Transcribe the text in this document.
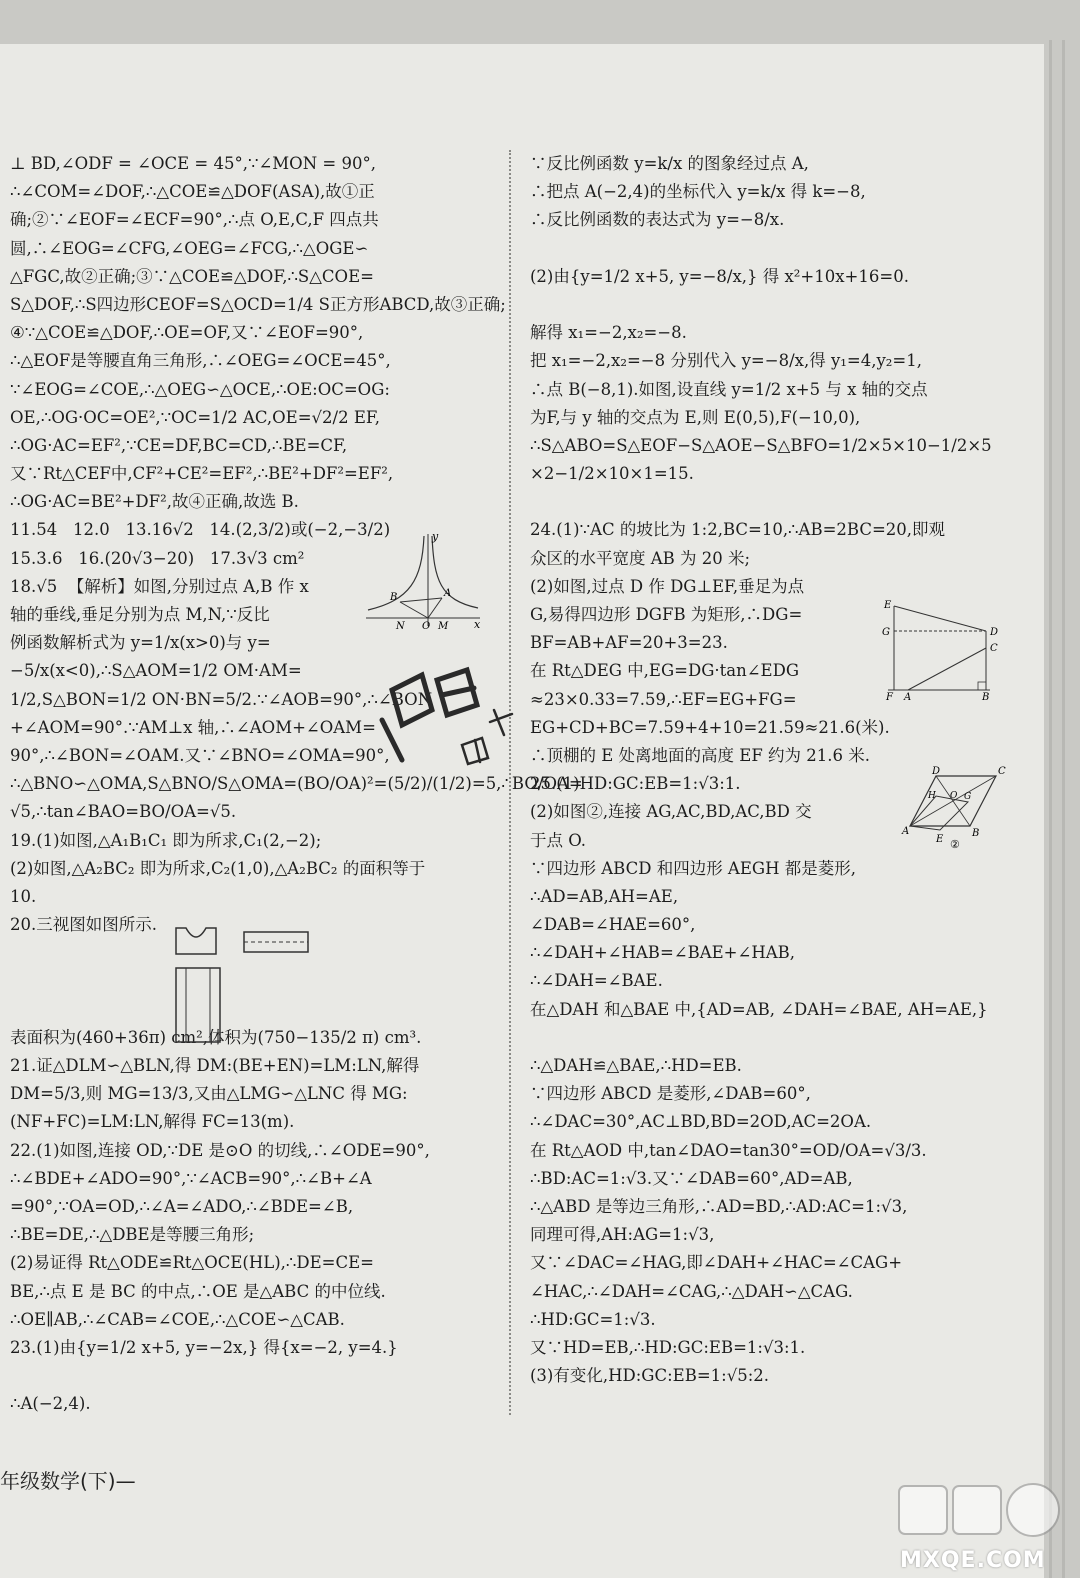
⊥ BD,∠ODF = ∠OCE = 45°,∵∠MON = 90°,
∴∠COM=∠DOF,∴△COE≌△DOF(ASA),故①正
确;②∵∠EOF=∠ECF=90°,∴点 O,E,C,F 四点共
圆,∴∠EOG=∠CFG,∠OEG=∠FCG,∴△OGE∽
△FGC,故②正确;③∵△COE≌△DOF,∴S△COE=
S△DOF,∴S四边形CEOF=S△OCD=1/4 S正方形ABCD,故③正确;
④∵△COE≌△DOF,∴OE=OF,又∵∠EOF=90°,
∴△EOF是等腰直角三角形,∴∠OEG=∠OCE=45°,
∵∠EOG=∠COE,∴△OEG∽△OCE,∴OE:OC=OG:
OE,∴OG·OC=OE²,∵OC=1/2 AC,OE=√2/2 EF,
∴OG·AC=EF²,∵CE=DF,BC=CD,∴BE=CF,
又∵Rt△CEF中,CF²+CE²=EF²,∴BE²+DF²=EF²,
∴OG·AC=BE²+DF²,故④正确,故选 B.
11.54   12.0   13.16√2   14.(2,3/2)或(−2,−3/2)
15.3.6   16.(20√3−20)   17.3√3 cm²
18.√5  【解析】如图,分别过点 A,B 作 x
轴的垂线,垂足分别为点 M,N,∵反比
例函数解析式为 y=1/x(x>0)与 y=
−5/x(x<0),∴S△AOM=1/2 OM·AM=
1/2,S△BON=1/2 ON·BN=5/2.∵∠AOB=90°,∴∠BON
+∠AOM=90°.∵AM⊥x 轴,∴∠AOM+∠OAM=
90°,∴∠BON=∠OAM.又∵∠BNO=∠OMA=90°,
∴△BNO∽△OMA,S△BNO/S△OMA=(BO/OA)²=(5/2)/(1/2)=5,∴BO/OA=
√5,∴tan∠BAO=BO/OA=√5.
19.(1)如图,△A₁B₁C₁ 即为所求,C₁(2,−2);
(2)如图,△A₂BC₂ 即为所求,C₂(1,0),△A₂BC₂ 的面积等于
10.
20.三视图如图所示.
表面积为(460+36π) cm²,体积为(750−135/2 π) cm³.
21.证△DLM∽△BLN,得 DM:(BE+EN)=LM:LN,解得
DM=5/3,则 MG=13/3,又由△LMG∽△LNC 得 MG:
(NF+FC)=LM:LN,解得 FC=13(m).
22.(1)如图,连接 OD,∵DE 是⊙O 的切线,∴∠ODE=90°,
∴∠BDE+∠ADO=90°,∵∠ACB=90°,∴∠B+∠A
=90°,∵OA=OD,∴∠A=∠ADO,∴∠BDE=∠B,
∴BE=DE,∴△DBE是等腰三角形;
(2)易证得 Rt△ODE≌Rt△OCE(HL),∴DE=CE=
BE,∴点 E 是 BC 的中点,∴OE 是△ABC 的中位线.
∴OE∥AB,∴∠CAB=∠COE,∴△COE∽△CAB.
23.(1)由{y=1/2 x+5, y=−2x,} 得{x=−2, y=4.}
∴A(−2,4).
∵反比例函数 y=k/x 的图象经过点 A,
∴把点 A(−2,4)的坐标代入 y=k/x 得 k=−8,
∴反比例函数的表达式为 y=−8/x.
(2)由{y=1/2 x+5, y=−8/x,} 得 x²+10x+16=0.
解得 x₁=−2,x₂=−8.
把 x₁=−2,x₂=−8 分别代入 y=−8/x,得 y₁=4,y₂=1,
∴点 B(−8,1).如图,设直线 y=1/2 x+5 与 x 轴的交点
为F,与 y 轴的交点为 E,则 E(0,5),F(−10,0),
∴S△ABO=S△EOF−S△AOE−S△BFO=1/2×5×10−1/2×5
×2−1/2×10×1=15.
24.(1)∵AC 的坡比为 1:2,BC=10,∴AB=2BC=20,即观
众区的水平宽度 AB 为 20 米;
(2)如图,过点 D 作 DG⊥EF,垂足为点
G,易得四边形 DGFB 为矩形,∴DG=
BF=AB+AF=20+3=23.
在 Rt△DEG 中,EG=DG·tan∠EDG
≈23×0.33=7.59,∴EF=EG+FG=
EG+CD+BC=7.59+4+10=21.59≈21.6(米).
∴顶棚的 E 处离地面的高度 EF 约为 21.6 米.
25.(1)HD:GC:EB=1:√3:1.
(2)如图②,连接 AG,AC,BD,AC,BD 交
于点 O.
∵四边形 ABCD 和四边形 AEGH 都是菱形,
∴AD=AB,AH=AE,
∠DAB=∠HAE=60°,
∴∠DAH+∠HAB=∠BAE+∠HAB,
∴∠DAH=∠BAE.
在△DAH 和△BAE 中,{AD=AB, ∠DAH=∠BAE, AH=AE,}
∴△DAH≌△BAE,∴HD=EB.
∵四边形 ABCD 是菱形,∠DAB=60°,
∴∠DAC=30°,AC⊥BD,BD=2OD,AC=2OA.
在 Rt△AOD 中,tan∠DAO=tan30°=OD/OA=√3/3.
∴BD:AC=1:√3.又∵∠DAB=60°,AD=AB,
∴△ABD 是等边三角形,∴AD=BD,∴AD:AC=1:√3,
同理可得,AH:AG=1:√3,
又∵∠DAC=∠HAG,即∠DAH+∠HAC=∠CAG+
∠HAC,∴∠DAH=∠CAG,∴△DAH∽△CAG.
∴HD:GC=1:√3.
又∵HD=EB,∴HD:GC:EB=1:√3:1.
(3)有变化,HD:GC:EB=1:√5:2.
y
x
B	A
N O M
E
G	D
C
F A	B
D	C
H	G
O
A
E
B
②
MXQE.COM
年级数学(下)—
